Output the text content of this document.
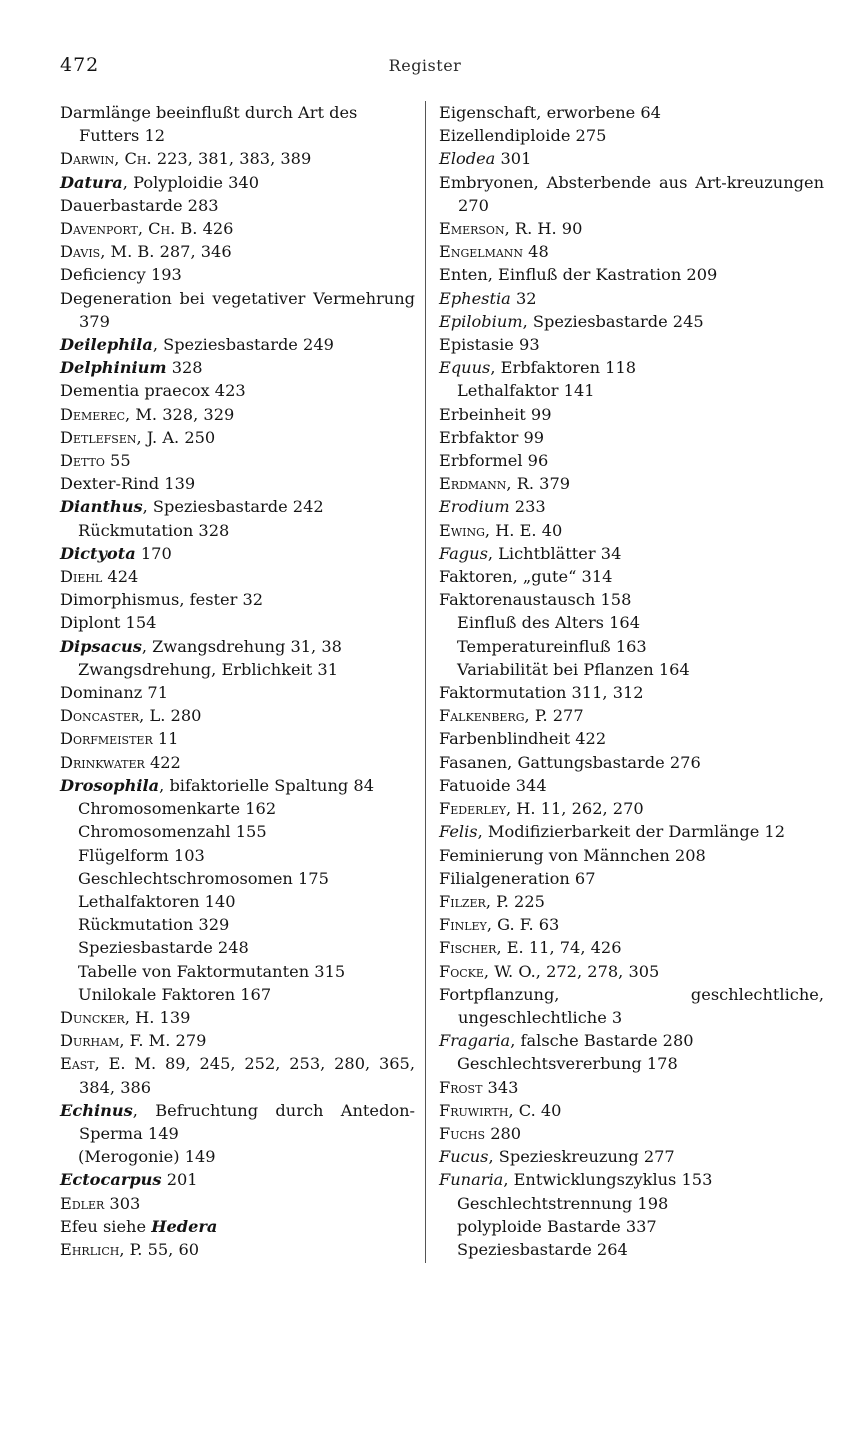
472	Register
Darmlänge beeinflußt durch Art des Futters 12
Darwin, Ch. 223, 381, 383, 389
Datura, Polyploidie 340
Dauerbastarde 283
Davenport, Ch. B. 426
Davis, M. B. 287, 346
Deficiency 193
Degeneration bei vegetativer Vermehrung 379
Deilephila, Speziesbastarde 249
Delphinium 328
Dementia praecox 423
Demerec, M. 328, 329
Detlefsen, J. A. 250
Detto 55
Dexter-Rind 139
Dianthus, Speziesbastarde 242
Rückmutation 328
Dictyota 170
Diehl 424
Dimorphismus, fester 32
Diplont 154
Dipsacus, Zwangsdrehung 31, 38
Zwangsdrehung, Erblichkeit 31
Dominanz 71
Doncaster, L. 280
Dorfmeister 11
Drinkwater 422
Drosophila, bifaktorielle Spaltung 84
Chromosomenkarte 162
Chromosomenzahl 155
Flügelform 103
Geschlechtschromosomen 175
Lethalfaktoren 140
Rückmutation 329
Speziesbastarde 248
Tabelle von Faktormutanten 315
Unilokale Faktoren 167
Duncker, H. 139
Durham, F. M. 279
East, E. M. 89, 245, 252, 253, 280, 365, 384, 386
Echinus, Befruchtung durch Antedon-Sperma 149
(Merogonie) 149
Ectocarpus 201
Edler 303
Efeu siehe Hedera
Ehrlich, P. 55, 60
Eigenschaft, erworbene 64
Eizellendiploide 275
Elodea 301
Embryonen, Absterbende aus Art-kreuzungen 270
Emerson, R. H. 90
Engelmann 48
Enten, Einfluß der Kastration 209
Ephestia 32
Epilobium, Speziesbastarde 245
Epistasie 93
Equus, Erbfaktoren 118
Lethalfaktor 141
Erbeinheit 99
Erbfaktor 99
Erbformel 96
Erdmann, R. 379
Erodium 233
Ewing, H. E. 40
Fagus, Lichtblätter 34
Faktoren, „gute“ 314
Faktorenaustausch 158
Einfluß des Alters 164
Temperatureinfluß 163
Variabilität bei Pflanzen 164
Faktormutation 311, 312
Falkenberg, P. 277
Farbenblindheit 422
Fasanen, Gattungsbastarde 276
Fatuoide 344
Federley, H. 11, 262, 270
Felis, Modifizierbarkeit der Darmlänge 12
Feminierung von Männchen 208
Filialgeneration 67
Filzer, P. 225
Finley, G. F. 63
Fischer, E. 11, 74, 426
Focke, W. O., 272, 278, 305
Fortpflanzung, geschlechtliche, ungeschlechtliche 3
Fragaria, falsche Bastarde 280
Geschlechtsvererbung 178
Frost 343
Fruwirth, C. 40
Fuchs 280
Fucus, Spezieskreuzung 277
Funaria, Entwicklungszyklus 153
Geschlechtstrennung 198
polyploide Bastarde 337
Speziesbastarde 264
